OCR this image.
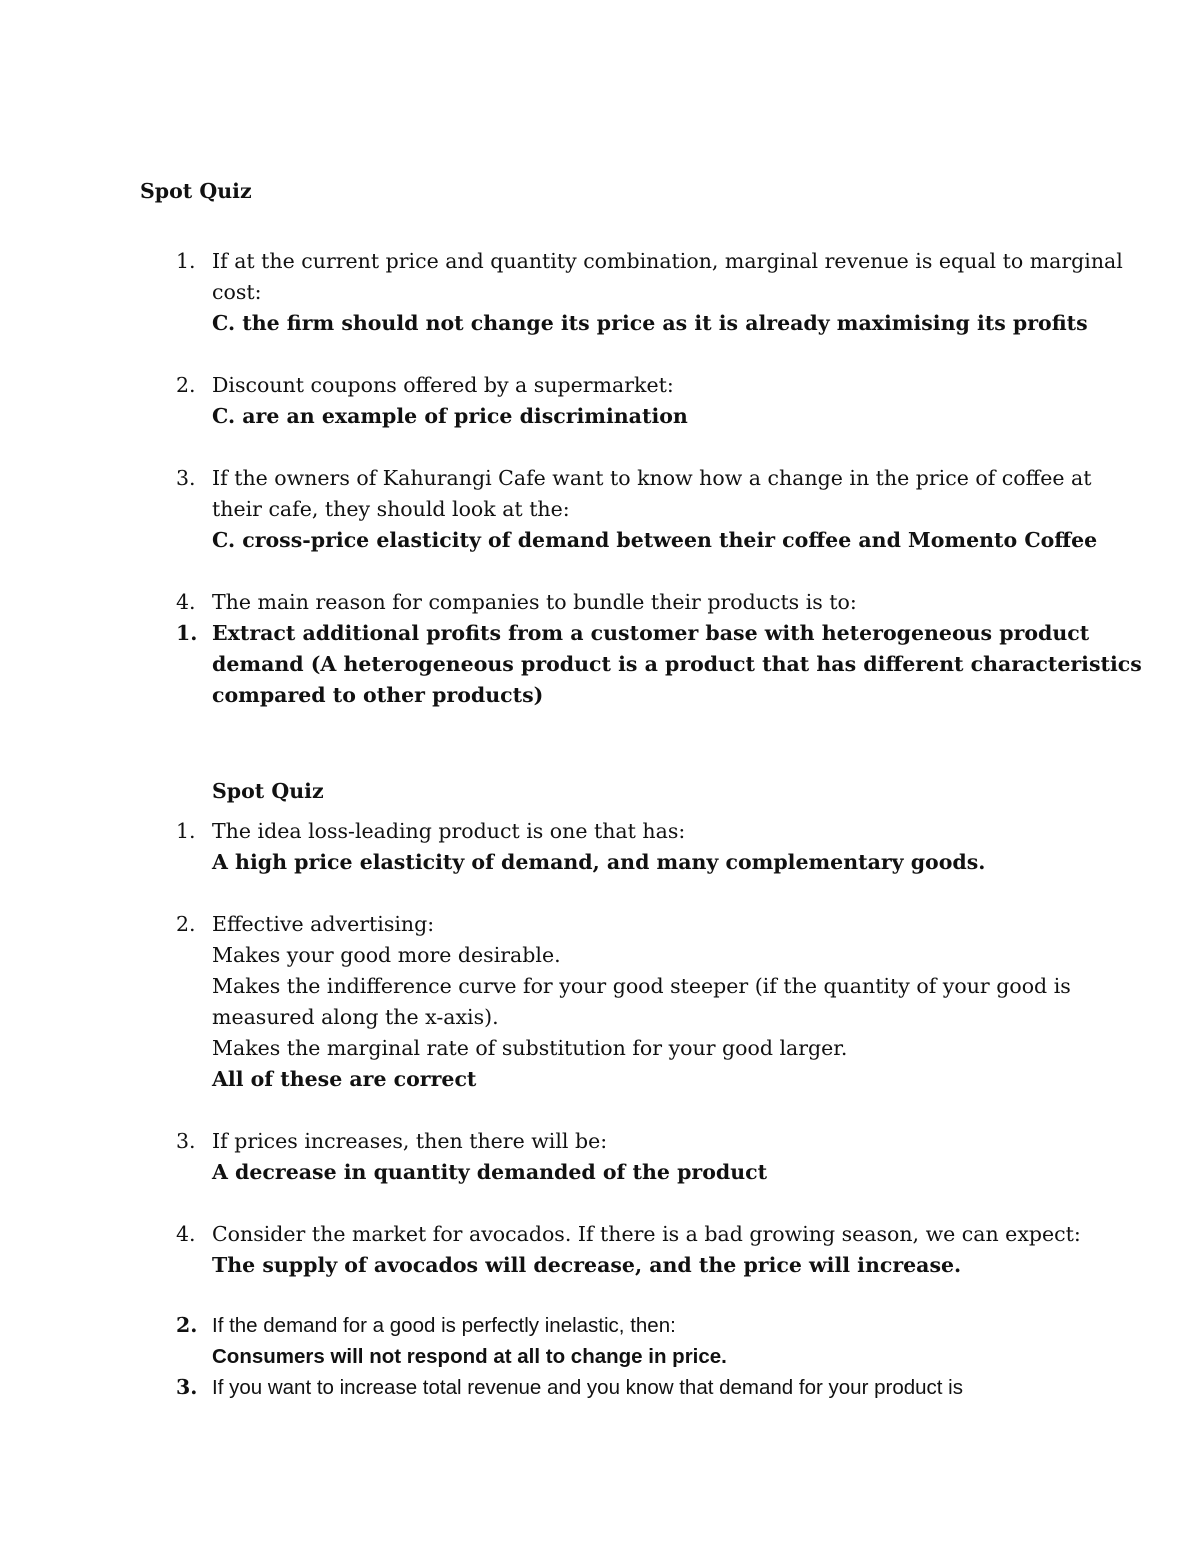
Spot Quiz
1. If at the current price and quantity combination, marginal revenue is equal to marginal
cost:
C. the firm should not change its price as it is already maximising its profits
2. Discount coupons offered by a supermarket:
C. are an example of price discrimination
3. If the owners of Kahurangi Cafe want to know how a change in the price of coffee at
their cafe, they should look at the:
C. cross-price elasticity of demand between their coffee and Momento Coffee
4. The main reason for companies to bundle their products is to:
1. Extract additional profits from a customer base with heterogeneous product
demand (A heterogeneous product is a product that has different characteristics
compared to other products)
Spot Quiz
1. The idea loss-leading product is one that has:
A high price elasticity of demand, and many complementary goods.
2. Effective advertising:
Makes your good more desirable.
Makes the indifference curve for your good steeper (if the quantity of your good is
measured along the x-axis).
Makes the marginal rate of substitution for your good larger.
All of these are correct
3. If prices increases, then there will be:
A decrease in quantity demanded of the product
4. Consider the market for avocados. If there is a bad growing season, we can expect:
The supply of avocados will decrease, and the price will increase.
2. If the demand for a good is perfectly inelastic, then:
Consumers will not respond at all to change in price.
3. If you want to increase total revenue and you know that demand for your product is
